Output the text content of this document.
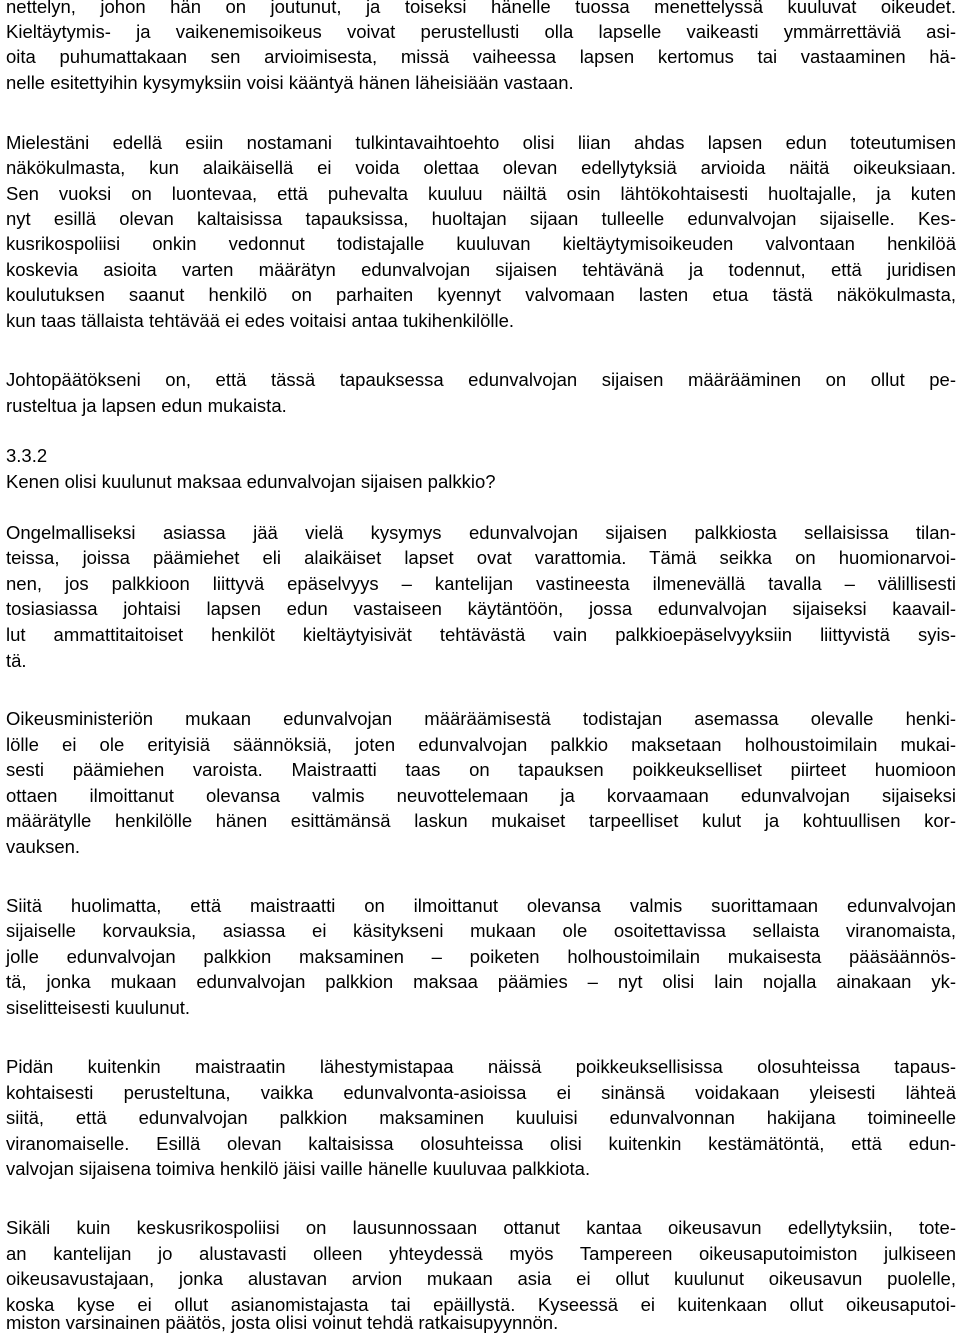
nettelyn, johon hän on joutunut, ja toiseksi hänelle tuossa menettelyssä kuuluvat oikeudet.
Kieltäytymis- ja vaikenemisoikeus voivat perustellusti olla lapselle vaikeasti ymmärrettäviä asi-
oita puhumattakaan sen arvioimisesta, missä vaiheessa lapsen kertomus tai vastaaminen hä-
nelle esitettyihin kysymyksiin voisi kääntyä hänen läheisiään vastaan.
Mielestäni edellä esiin nostamani tulkintavaihtoehto olisi liian ahdas lapsen edun toteutumisen
näkökulmasta, kun alaikäisellä ei voida olettaa olevan edellytyksiä arvioida näitä oikeuksiaan.
Sen vuoksi on luontevaa, että puhevalta kuuluu näiltä osin lähtökohtaisesti huoltajalle, ja kuten
nyt esillä olevan kaltaisissa tapauksissa, huoltajan sijaan tulleelle edunvalvojan sijaiselle. Kes-
kusrikospoliisi onkin vedonnut todistajalle kuuluvan kieltäytymisoikeuden valvontaan henkilöä
koskevia asioita varten määrätyn edunvalvojan sijaisen tehtävänä ja todennut, että juridisen
koulutuksen saanut henkilö on parhaiten kyennyt valvomaan lasten etua tästä näkökulmasta,
kun taas tällaista tehtävää ei edes voitaisi antaa tukihenkilölle.
Johtopäätökseni on, että tässä tapauksessa edunvalvojan sijaisen määrääminen on ollut pe-
rusteltua ja lapsen edun mukaista.
3.3.2
Kenen olisi kuulunut maksaa edunvalvojan sijaisen palkkio?
Ongelmalliseksi asiassa jää vielä kysymys edunvalvojan sijaisen palkkiosta sellaisissa tilan-
teissa, joissa päämiehet eli alaikäiset lapset ovat varattomia. Tämä seikka on huomionarvoi-
nen, jos palkkioon liittyvä epäselvyys – kantelijan vastineesta ilmenevällä tavalla – välillisesti
tosiasiassa johtaisi lapsen edun vastaiseen käytäntöön, jossa edunvalvojan sijaiseksi kaavail-
lut ammattitaitoiset henkilöt kieltäytyisivät tehtävästä vain palkkioepäselvyyksiin liittyvistä syis-
tä.
Oikeusministeriön mukaan edunvalvojan määräämisestä todistajan asemassa olevalle henki-
lölle ei ole erityisiä säännöksiä, joten edunvalvojan palkkio maksetaan holhoustoimilain mukai-
sesti päämiehen varoista. Maistraatti taas on tapauksen poikkeukselliset piirteet huomioon
ottaen ilmoittanut olevansa valmis neuvottelemaan ja korvaamaan edunvalvojan sijaiseksi
määrätylle henkilölle hänen esittämänsä laskun mukaiset tarpeelliset kulut ja kohtuullisen kor-
vauksen.
Siitä huolimatta, että maistraatti on ilmoittanut olevansa valmis suorittamaan edunvalvojan
sijaiselle korvauksia, asiassa ei käsitykseni mukaan ole osoitettavissa sellaista viranomaista,
jolle edunvalvojan palkkion maksaminen – poiketen holhoustoimilain mukaisesta pääsäännös-
tä, jonka mukaan edunvalvojan palkkion maksaa päämies – nyt olisi lain nojalla ainakaan yk-
siselitteisesti kuulunut.
Pidän kuitenkin maistraatin lähestymistapaa näissä poikkeuksellisissa olosuhteissa tapaus-
kohtaisesti perusteltuna, vaikka edunvalvonta-asioissa ei sinänsä voidakaan yleisesti lähteä
siitä, että edunvalvojan palkkion maksaminen kuuluisi edunvalvonnan hakijana toimineelle
viranomaiselle. Esillä olevan kaltaisissa olosuhteissa olisi kuitenkin kestämätöntä, että edun-
valvojan sijaisena toimiva henkilö jäisi vaille hänelle kuuluvaa palkkiota.
Sikäli kuin keskusrikospoliisi on lausunnossaan ottanut kantaa oikeusavun edellytyksiin, tote-
an kantelijan jo alustavasti olleen yhteydessä myös Tampereen oikeusaputoimiston julkiseen
oikeusavustajaan, jonka alustavan arvion mukaan asia ei ollut kuulunut oikeusavun puolelle,
koska kyse ei ollut asianomistajasta tai epäillystä. Kyseessä ei kuitenkaan ollut oikeusaputoi-
miston varsinainen päätös, josta olisi voinut tehdä ratkaisupyynnön.
